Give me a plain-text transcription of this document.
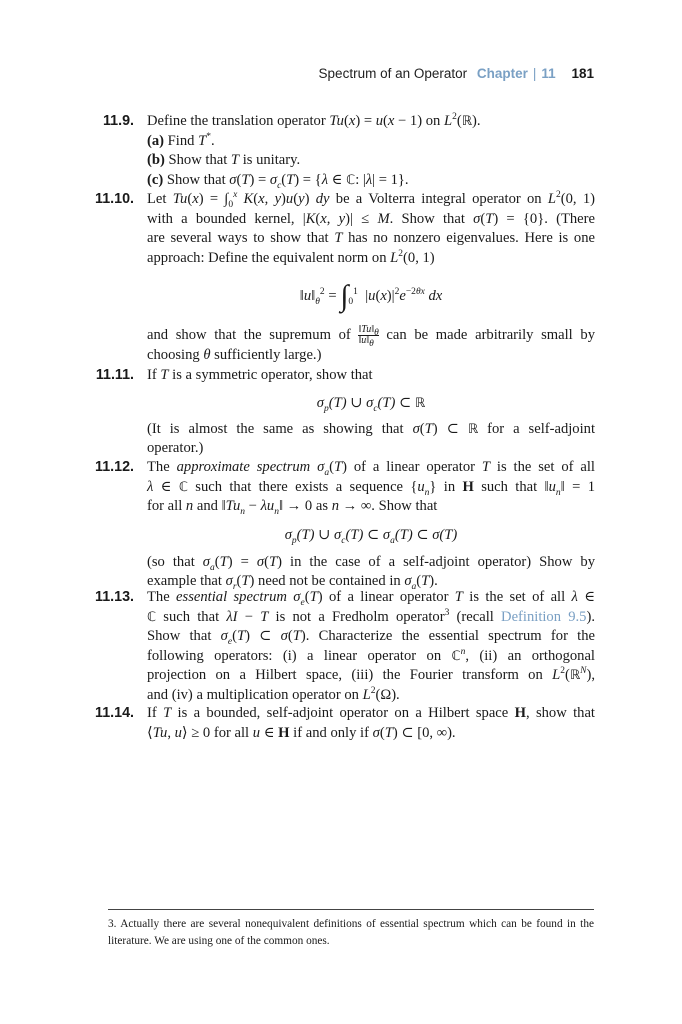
Spectrum of an Operator Chapter | 11 181
11.9. Define the translation operator Tu(x) = u(x − 1) on $L^2(ℝ)$.
(a) Find T*.
(b) Show that T is unitary.
(c) Show that $\sigma(T) = \sigma_c(T) = \{\lambda$ ∈ ℂ: |λ| = 1}.
11.10. Let $Tu(x) = \int_0^x$ K(x, y)u(y) dy be a Volterra integral operator on $L^2(0$, 1)
with a bounded kernel, |K(x, y)| ≤ M. Show that σ(T) = {0}. (There
are several ways to show that T has no nonzero eigenvalues. Here is one
approach: Define the equivalent norm on $L^2(0$, 1)
$‖u‖_\theta^2 = \int_0^1$  $|u(x)|^2e^{-2\theta x}$ dx
and show that the supremum of $\frac{‖Tu‖_\theta}{‖u‖_\theta}$ can be made arbitrarily small by
choosing θ sufficiently large.)
11.11. If T is a symmetric operator, show that
$\sigma_p(T)$ ∪ $\sigma_c(T)$ ⊂ ℝ
(It is almost the same as showing that σ(T) ⊂ ℝ for a self-adjoint
operator.)
11.12. The approximate spectrum $\sigma_a(T)$ of a linear operator T is the set of all
λ ∈ ℂ such that there exists a sequence $\{u_n\}$ in H such that $‖u_n‖ = 1$
for all n and $‖Tu_n$ − $\lambda u_n‖ \to 0$ as n → ∞. Show that
$\sigma_p(T)$ ∪ $\sigma_c(T)$ ⊂ $\sigma_a(T)$ ⊂ σ(T)
(so that $\sigma_a(T) = \sigma(T)$ in the case of a self-adjoint operator) Show by
example that $\sigma_r(T)$ need not be contained in $\sigma_a(T)$.
11.13. The essential spectrum $\sigma_e(T)$ of a linear operator T is the set of all λ ∈
ℂ such that λI − T is not a Fredholm operator$^3$ (recall Definition 9.5).
Show that $\sigma_e(T)$ ⊂ σ(T). Characterize the essential spectrum for the
following operators: (i) a linear operator on ℂ$^n$, (ii) an orthogonal
projection on a Hilbert space, (iii) the Fourier transform on $L^2(ℝ^N)$,
and (iv) a multiplication operator on $L^2(\Omega)$.
11.14. If T is a bounded, self-adjoint operator on a Hilbert space H, show that
⟨Tu, u⟩ ≥ 0 for all u ∈ H if and only if σ(T) ⊂ [0, ∞).
3. Actually there are several nonequivalent definitions of essential spectrum which can be found in the literature. We are using one of the common ones.
